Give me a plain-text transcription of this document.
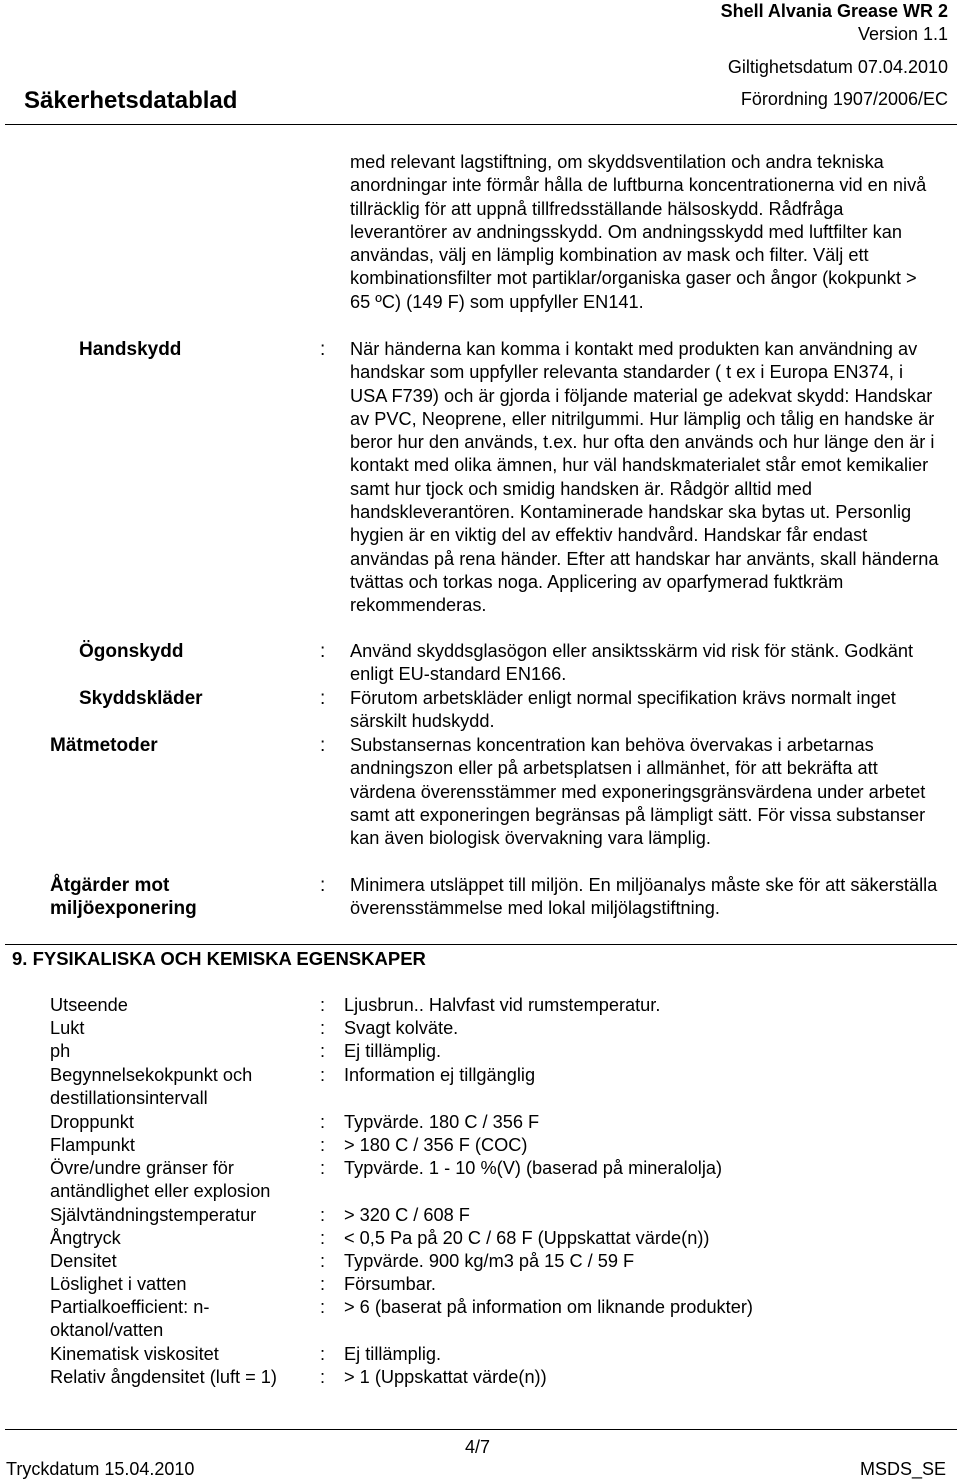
Shell Alvania Grease WR 2
Version 1.1
Giltighetsdatum 07.04.2010
Säkerhetsdatablad	Förordning 1907/2006/EC
med relevant lagstiftning, om skyddsventilation och andra tekniska anordningar inte förmår hålla de luftburna koncentrationerna vid en nivå tillräcklig för att uppnå tillfredsställande hälsoskydd. Rådfråga leverantörer av andningsskydd. Om andningsskydd med luftfilter kan användas, välj en lämplig kombination av mask och filter. Välj ett kombinationsfilter mot partiklar/organiska gaser och ångor (kokpunkt > 65 ºC) (149 F) som uppfyller EN141.
Handskydd	: När händerna kan komma i kontakt med produkten kan användning av handskar som uppfyller relevanta standarder ( t ex i Europa EN374, i USA F739) och är gjorda i följande material ge adekvat skydd: Handskar av PVC, Neoprene, eller nitrilgummi. Hur lämplig och tålig en handske är beror hur den används, t.ex. hur ofta den används och hur länge den är i kontakt med olika ämnen, hur väl handskmaterialet står emot kemikalier samt hur tjock och smidig handsken är. Rådgör alltid med handskleverantören. Kontaminerade handskar ska bytas ut. Personlig hygien är en viktig del av effektiv handvård. Handskar får endast användas på rena händer. Efter att handskar har använts, skall händerna tvättas och torkas noga. Applicering av oparfymerad fuktkräm rekommenderas.
Ögonskydd	: Använd skyddsglasögon eller ansiktsskärm vid risk för stänk. Godkänt enligt EU-standard EN166.
Skyddskläder	: Förutom arbetskläder enligt normal specifikation krävs normalt inget särskilt hudskydd.
Mätmetoder	: Substansernas koncentration kan behöva övervakas i arbetarnas andningszon eller på arbetsplatsen i allmänhet, för att bekräfta att värdena överensstämmer med exponeringsgränsvärdena under arbetet samt att exponeringen begränsas på lämpligt sätt. För vissa substanser kan även biologisk övervakning vara lämplig.
Åtgärder mot
miljöexponering
: Minimera utsläppet till miljön. En miljöanalys måste ske för att säkerställa överensstämmelse med lokal miljölagstiftning.
9. FYSIKALISKA OCH KEMISKA EGENSKAPER
Utseende	: Ljusbrun.. Halvfast vid rumstemperatur.
Lukt	: Svagt kolväte.
ph	: Ej tillämplig.
Begynnelsekokpunkt och destillationsintervall
: Information ej tillgänglig
Droppunkt	: Typvärde. 180 C / 356 F
Flampunkt	: > 180 C / 356 F (COC)
Övre/undre gränser för antändlighet eller explosion
: Typvärde. 1 - 10 %(V) (baserad på mineralolja)
Självtändningstemperatur	: > 320 C / 608 F
Ångtryck	: < 0,5 Pa på 20 C / 68 F (Uppskattat värde(n))
Densitet	: Typvärde. 900 kg/m3 på 15 C / 59 F
Löslighet i vatten	: Försumbar.
Partialkoefficient: n-oktanol/vatten
: > 6 (baserat på information om liknande produkter)
Kinematisk viskositet	: Ej tillämplig.
Relativ ångdensitet (luft = 1)	: > 1 (Uppskattat värde(n))
4/7
Tryckdatum 15.04.2010	MSDS_SE
